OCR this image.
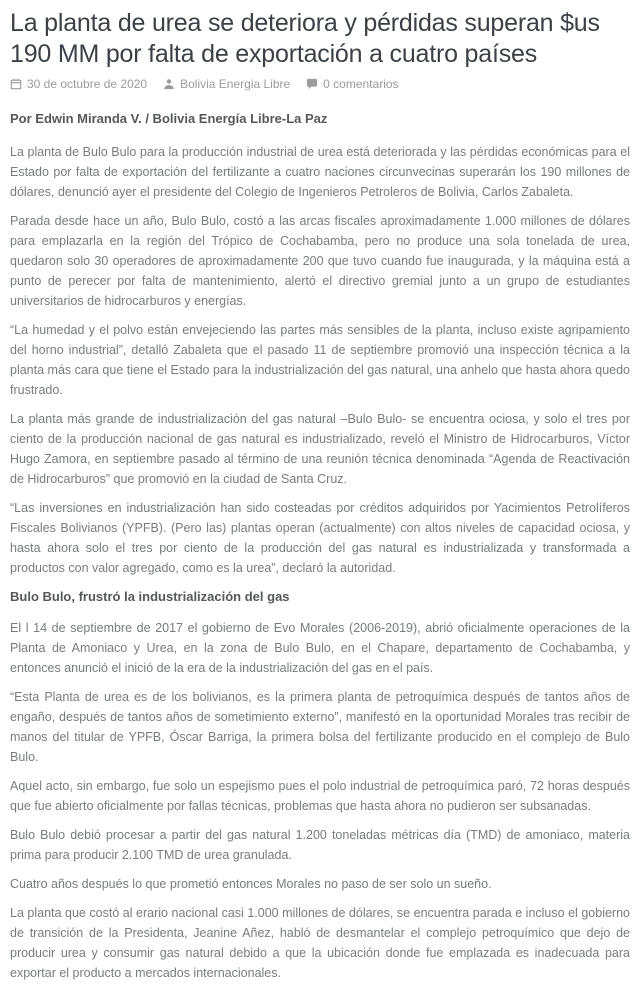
La planta de urea se deteriora y pérdidas superan $us 190 MM por falta de exportación a cuatro países
30 de octubre de 2020	Bolivia Energia Libre	0 comentarios

Por Edwin Miranda V. / Bolivia Energía Libre-La Paz

La planta de Bulo Bulo para la producción industrial de urea está deteriorada y las pérdidas económicas para el Estado por falta de exportación del fertilizante a cuatro naciones circunvecinas superarán los 190 millones de dólares, denunció ayer el presidente del Colegio de Ingenieros Petroleros de Bolivia, Carlos Zabaleta.

Parada desde hace un año, Bulo Bulo, costó a las arcas fiscales aproximadamente 1.000 millones de dólares para emplazarla en la región del Trópico de Cochabamba, pero no produce una sola tonelada de urea, quedaron solo 30 operadores de aproximadamente 200 que tuvo cuando fue inaugurada, y la máquina está a punto de perecer por falta de mantenimiento, alertó el directivo gremial junto a un grupo de estudiantes universitarios de hidrocarburos y energías.

“La humedad y el polvo están envejeciendo las partes más sensibles de la planta, incluso existe agripamiento del horno industrial”, detalló Zabaleta que el pasado 11 de septiembre promovió una inspección técnica a la planta más cara que tiene el Estado para la industrialización del gas natural, una anhelo que hasta ahora quedo frustrado.

La planta más grande de industrialización del gas natural –Bulo Bulo- se encuentra ociosa, y solo el tres por ciento de la producción nacional de gas natural es industrializado, reveló el Ministro de Hidrocarburos, Víctor Hugo Zamora, en septiembre pasado al término de una reunión técnica denominada “Agenda de Reactivación de Hidrocarburos” que promovió en la ciudad de Santa Cruz.

“Las inversiones en industrialización han sido costeadas por créditos adquiridos por Yacimientos Petrolíferos Fiscales Bolivianos (YPFB). (Pero las) plantas operan (actualmente) con altos niveles de capacidad ociosa, y hasta ahora solo el tres por ciento de la producción del gas natural es industrializada y transformada a productos con valor agregado, como es la urea”, declaró la autoridad.

Bulo Bulo, frustró la industrialización del gas

El l 14 de septiembre de 2017 el gobierno de Evo Morales (2006-2019), abrió oficialmente operaciones de la Planta de Amoniaco y Urea, en la zona de Bulo Bulo, en el Chapare, departamento de Cochabamba, y entonces anunció el inició de la era de la industrialización del gas en el país.

“Esta Planta de urea es de los bolivianos, es la primera planta de petroquímica después de tantos años de engaño, después de tantos años de sometimiento externo”, manifestó en la oportunidad Morales tras recibir de manos del titular de YPFB, Óscar Barriga, la primera bolsa del fertilizante producido en el complejo de Bulo Bulo.

Aquel acto, sin embargo, fue solo un espejismo pues el polo industrial de petroquímica paró, 72 horas después que fue abierto oficialmente por fallas técnicas, problemas que hasta ahora no pudieron ser subsanadas.

Bulo Bulo debió procesar a partir del gas natural 1.200 toneladas métricas día (TMD) de amoniaco, materia prima para producir 2.100 TMD de urea granulada.

Cuatro años después lo que prometió entonces Morales no paso de ser solo un sueño.

La planta que costó al erario nacional casi 1.000 millones de dólares, se encuentra parada e incluso el gobierno de transición de la Presidenta, Jeanine Añez, habló de desmantelar el complejo petroquímico que dejo de producir urea y consumir gas natural debido a que la ubicación donde fue emplazada es inadecuada para exportar el producto a mercados internacionales.
